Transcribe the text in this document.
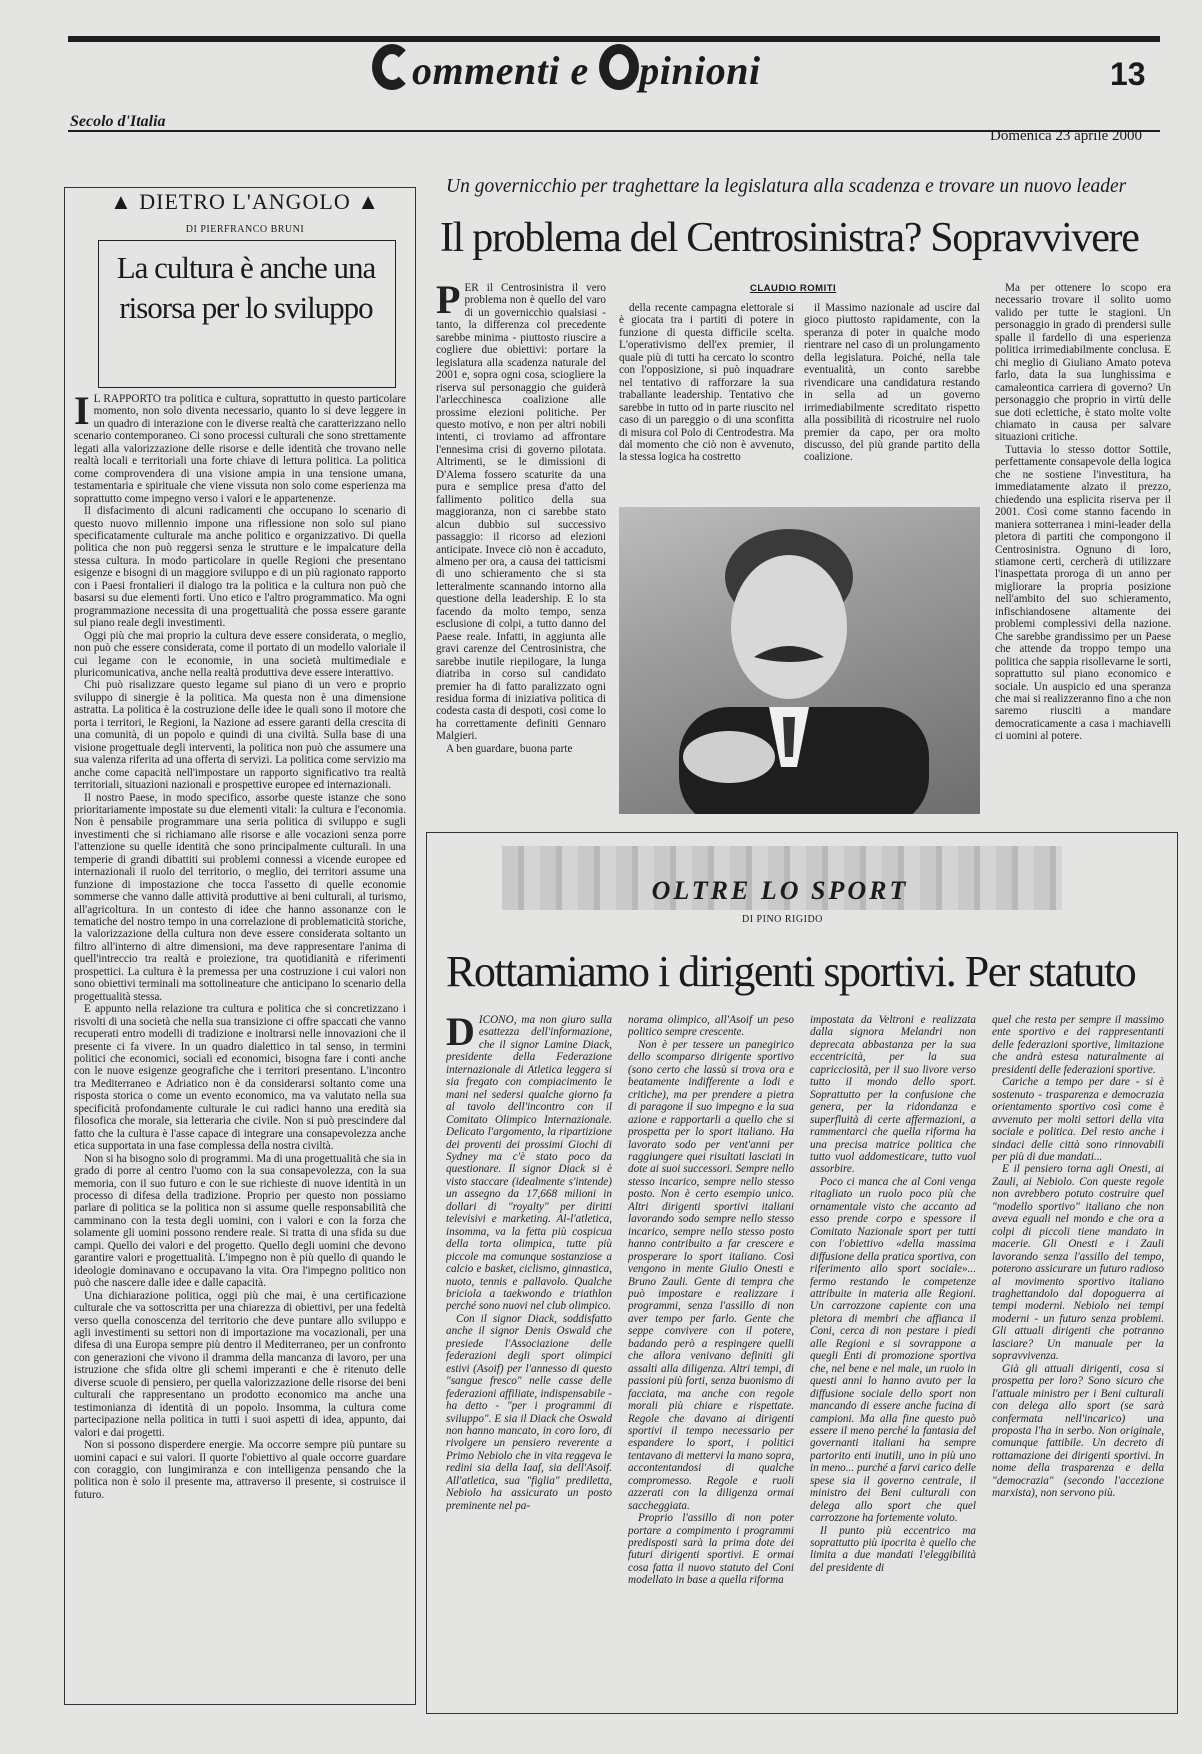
ommenti e pinioni	13
Secolo d'Italia
Domenica 23 aprile 2000
▲ DIETRO L'ANGOLO ▲
DI PIERFRANCO BRUNI
La cultura è anche una risorsa per lo sviluppo
I L RAPPORTO tra politica e cultura, soprattutto in questo particolare momento, non solo diventa necessario, quanto lo si deve leggere in un quadro di interazione con le diverse realtà che caratterizzano nello scenario contemporaneo. Ci sono processi culturali che sono strettamente legati alla valorizzazione delle risorse e delle identità che trovano nelle realtà locali e territoriali una forte chiave di lettura politica. La politica come comprovendera di una visione ampia in una tensione umana, testamentaria e spirituale che viene vissuta non solo come esperienza ma soprattutto come impegno verso i valori e le appartenenze.

Il disfacimento di alcuni radicamenti che occupano lo scenario di questo nuovo millennio impone una riflessione non solo sul piano specificatamente culturale ma anche politico e organizzativo. Di quella politica che non può reggersi senza le strutture e le impalcature della stessa cultura. In modo particolare in quelle Regioni che presentano esigenze e bisogni di un maggiore sviluppo e di un più ragionato rapporto con i Paesi frontalieri il dialogo tra la politica e la cultura non può che basarsi su due elementi forti. Uno etico e l'altro programmatico. Ma ogni programmazione necessita di una progettualità che possa essere garante sul piano reale degli investimenti.

Oggi più che mai proprio la cultura deve essere considerata, o meglio, non può che essere considerata, come il portato di un modello valoriale il cui legame con le economie, in una società multimediale e pluricomunicativa, anche nella realtà produttiva deve essere interattivo.

Chi può risalizzare questo legame sul piano di un vero e proprio sviluppo di sinergie è la politica. Ma questa non è una dimensione astratta. La politica è la costruzione delle idee le quali sono il motore che porta i territori, le Regioni, la Nazione ad essere garanti della crescita di una comunità, di un popolo e quindi di una civiltà. Sulla base di una visione progettuale degli interventi, la politica non può che assumere una sua valenza riferita ad una offerta di servizi. La politica come servizio ma anche come capacità nell'impostare un rapporto significativo tra realtà territoriali, situazioni nazionali e prospettive europee ed internazionali.

Il nostro Paese, in modo specifico, assorbe queste istanze che sono prioritariamente impostate su due elementi vitali: la cultura e l'economia. Non è pensabile programmare una seria politica di sviluppo e sugli investimenti che si richiamano alle risorse e alle vocazioni senza porre l'attenzione su quelle identità che sono principalmente culturali. In una temperie di grandi dibattiti sui problemi connessi a vicende europee ed internazionali il ruolo del territorio, o meglio, dei territori assume una funzione di impostazione che tocca l'assetto di quelle economie sommerse che vanno dalle attività produttive ai beni culturali, al turismo, all'agricoltura. In un contesto di idee che hanno assonanze con le tematiche del nostro tempo in una correlazione di problematicità storiche, la valorizzazione della cultura non deve essere considerata soltanto un filtro all'interno di altre dimensioni, ma deve rappresentare l'anima di quell'intreccio tra realtà e proiezione, tra quotidianità e riferimenti prospettici. La cultura è la premessa per una costruzione i cui valori non sono obiettivi terminali ma sottolineature che anticipano lo scenario della progettualità stessa.

E appunto nella relazione tra cultura e politica che si concretizzano i risvolti di una società che nella sua transizione ci offre spaccati che vanno recuperati entro modelli di tradizione e inoltrarsi nelle innovazioni che il presente ci fa vivere. In un quadro dialettico in tal senso, in termini politici che economici, sociali ed economici, bisogna fare i conti anche con le nuove esigenze geografiche che i territori presentano. L'incontro tra Mediterraneo e Adriatico non è da considerarsi soltanto come una risposta storica o come un evento economico, ma va valutato nella sua specificità profondamente culturale le cui radici hanno una eredità sia filosofica che morale, sia letteraria che civile. Non si può prescindere dal fatto che la cultura è l'asse capace di integrare una consapevolezza anche etica supportata in una fase complessa della nostra civiltà.

Non si ha bisogno solo di programmi. Ma di una progettualità che sia in grado di porre al centro l'uomo con la sua consapevolezza, con la sua memoria, con il suo futuro e con le sue richieste di nuove identità in un processo di difesa della tradizione. Proprio per questo non possiamo parlare di politica se la politica non si assume quelle responsabilità che camminano con la testa degli uomini, con i valori e con la forza che solamente gli uomini possono rendere reale. Si tratta di una sfida su due campi. Quello dei valori e del progetto. Quello degli uomini che devono garantire valori e progettualità. L'impegno non è più quello di quando le ideologie dominavano e occupavano la vita. Ora l'impegno politico non può che nascere dalle idee e dalle capacità.

Una dichiarazione politica, oggi più che mai, è una certificazione culturale che va sottoscritta per una chiarezza di obiettivi, per una fedeltà verso quella conoscenza del territorio che deve puntare allo sviluppo e agli investimenti su settori non di importazione ma vocazionali, per una difesa di una Europa sempre più dentro il Mediterraneo, per un confronto con generazioni che vivono il dramma della mancanza di lavoro, per una istruzione che sfida oltre gli schemi imperanti e che è ritenuto delle diverse scuole di pensiero, per quella valorizzazione delle risorse dei beni culturali che rappresentano un prodotto economico ma anche una testimonianza di identità di un popolo. Insomma, la cultura come partecipazione nella politica in tutti i suoi aspetti di idea, appunto, dai valori e dai progetti.

Non si possono disperdere energie. Ma occorre sempre più puntare su uomini capaci e sui valori. Il quorte l'obiettivo al quale occorre guardare con coraggio, con lungimiranza e con intelligenza pensando che la politica non è solo il presente ma, attraverso il presente, si costruisce il futuro.

Un governicchio per traghettare la legislatura alla scadenza e trovare un nuovo leader
Il problema del Centrosinistra? Sopravvivere
CLAUDIO ROMITI
P ER il Centrosinistra il vero problema non è quello del varo di un governicchio qualsiasi - tanto, la differenza col precedente sarebbe minima - piuttosto riuscire a cogliere due obiettivi: portare la legislatura alla scadenza naturale del 2001 e, sopra ogni cosa, sciogliere la riserva sul personaggio che guiderà l'arlecchinesca coalizione alle prossime elezioni politiche. Per questo motivo, e non per altri nobili intenti, ci troviamo ad affrontare l'ennesima crisi di governo pilotata. Altrimenti, se le dimissioni di D'Alema fossero scaturite da una pura e semplice presa d'atto del fallimento politico della sua maggioranza, non ci sarebbe stato alcun dubbio sul successivo passaggio: il ricorso ad elezioni anticipate. Invece ciò non è accaduto, almeno per ora, a causa dei tatticismi di uno schieramento che si sta letteralmente scannando intorno alla questione della leadership. E lo sta facendo da molto tempo, senza esclusione di colpi, a tutto danno del Paese reale. Infatti, in aggiunta alle gravi carenze del Centrosinistra, che sarebbe inutile riepilogare, la lunga diatriba in corso sul candidato premier ha di fatto paralizzato ogni residua forma di iniziativa politica di codesta casta di despoti, cosi come lo ha correttamente definiti Gennaro Malgieri.

A ben guardare, buona parte

della recente campagna elettorale si è giocata tra i partiti di potere in funzione di questa difficile scelta. L'operativismo dell'ex premier, il quale più di tutti ha cercato lo scontro con l'opposizione, si può inquadrare nel tentativo di rafforzare la sua traballante leadership. Tentativo che sarebbe in tutto od in parte riuscito nel caso di un pareggio o di una sconfitta di misura col Polo di Centrodestra. Ma dal momento che ciò non è avvenuto, la stessa logica ha costretto

il Massimo nazionale ad uscire dal gioco piuttosto rapidamente, con la speranza di poter in qualche modo rientrare nel caso di un prolungamento della legislatura. Poiché, nella tale eventualità, un conto sarebbe rivendicare una candidatura restando in sella ad un governo irrimediabilmente screditato rispetto alla possibilità di ricostruire nel ruolo premier da capo, per ora molto discusso, del più grande partito della coalizione.

Ma per ottenere lo scopo era necessario trovare il solito uomo valido per tutte le stagioni. Un personaggio in grado di prendersi sulle spalle il fardello di una esperienza politica irrimediabilmente conclusa. E chi meglio di Giuliano Amato poteva farlo, data la sua lunghissima e camaleontica carriera di governo? Un personaggio che proprio in virtù delle sue doti eclettiche, è stato molte volte chiamato in causa per salvare situazioni critiche.

Tuttavia lo stesso dottor Sottile, perfettamente consapevole della logica che ne sostiene l'investitura, ha immediatamente alzato il prezzo, chiedendo una esplicita riserva per il 2001. Così come stanno facendo in maniera sotterranea i mini-leader della pletora di partiti che compongono il Centrosinistra. Ognuno di loro, stiamone certi, cercherà di utilizzare l'inaspettata proroga di un anno per migliorare la propria posizione nell'ambito del suo schieramento, infischiandosene altamente dei problemi complessivi della nazione. Che sarebbe grandissimo per un Paese che attende da troppo tempo una politica che sappia risollevarne le sorti, soprattutto sul piano economico e sociale. Un auspicio ed una speranza che mai si realizzeranno fino a che non saremo riusciti a mandare democraticamente a casa i machiavelli ci uomini al potere.

OLTRE LO SPORT
DI PINO RIGIDO
Rottamiamo i dirigenti sportivi. Per statuto
D ICONO, ma non giuro sulla esattezza dell'informazione, che il signor Lamine Diack, presidente della Federazione internazionale di Atletica leggera si sia fregato con compiacimento le mani nel sedersi qualche giorno fa al tavolo dell'incontro con il Comitato Olimpico Internazionale. Delicato l'argomento, la ripartizione dei proventi dei prossimi Giochi di Sydney ma c'è stato poco da questionare. Il signor Diack si è visto staccare (idealmente s'intende) un assegno da 17,668 milioni in dollari di "royalty" per diritti televisivi e marketing. Al-l'atletica, insomma, va la fetta più cospicua della torta olimpica, tutte più piccole ma comunque sostanziose a calcio e basket, ciclismo, ginnastica, nuoto, tennis e pallavolo. Qualche briciola a taekwondo e triathlon perché sono nuovi nel club olimpico.

Con il signor Diack, soddisfatto anche il signor Denis Oswald che presiede l'Associazione delle federazioni degli sport olimpici estivi (Asoif) per l'annesso di questo "sangue fresco" nelle casse delle federazioni affiliate, indispensabile - ha detto - "per i programmi di sviluppo". E sia il Diack che Oswald non hanno mancato, in coro loro, di rivolgere un pensiero reverente a Primo Nebiolo che in vita reggeva le redini sia della Iaaf, sia dell'Asoif. All'atletica, sua "figlia" prediletta, Nebiolo ha assicurato un posto preminente nel pa-

norama olimpico, all'Asoif un peso politico sempre crescente.

Non è per tessere un panegirico dello scomparso dirigente sportivo (sono certo che lassù si trova ora e beatamente indifferente a lodi e critiche), ma per prendere a pietra di paragone il suo impegno e la sua azione e rapportarli a quello che si prospetta per lo sport italiano. Ha lavorato sodo per vent'anni per raggiungere quei risultati lasciati in dote ai suoi successori. Sempre nello stesso incarico, sempre nello stesso posto. Non è certo esempio unico. Altri dirigenti sportivi italiani lavorando sodo sempre nello stesso incarico, sempre nello stesso posto hanno contribuito a far crescere e prosperare lo sport italiano. Così vengono in mente Giulio Onesti e Bruno Zauli. Gente di tempra che può impostare e realizzare i programmi, senza l'assillo di non aver tempo per farlo. Gente che seppe convivere con il potere, badando però a respingere quelli che allora venivano definiti gli assalti alla diligenza. Altri tempi, di passioni più forti, senza buonismo di facciata, ma anche con regole morali più chiare e rispettate. Regole che davano ai dirigenti sportivi il tempo necessario per espandere lo sport, i politici tentavano di mettervi la mano sopra, accontentandosi di qualche compromesso. Regole e ruoli azzerati con la diligenza ormai saccheggiata.

Proprio l'assillo di non poter portare a compimento i programmi predisposti sarà la prima dote dei futuri dirigenti sportivi. E ormai cosa fatta il nuovo statuto del Coni modellato in base a quella riforma

impostata da Veltroni e realizzata dalla signora Melandri non deprecata abbastanza per la sua eccentricità, per la sua capricciosità, per il suo livore verso tutto il mondo dello sport. Soprattutto per la confusione che genera, per la ridondanza e superfluità di certe affermazioni, a rammentarci che quella riforma ha una precisa matrice politica che tutto vuol addomesticare, tutto vuol assorbire.

Poco ci manca che al Coni venga ritagliato un ruolo poco più che ornamentale visto che accanto ad esso prende corpo e spessore il Comitato Nazionale sport per tutti con l'obiettivo «della massima diffusione della pratica sportiva, con riferimento allo sport sociale»... fermo restando le competenze attribuite in materia alle Regioni. Un carrozzone capiente con una pletora di membri che affianca il Coni, cerca di non pestare i piedi alle Regioni e si sovrappone a quegli Enti di promozione sportiva che, nel bene e nel male, un ruolo in questi anni lo hanno avuto per la diffusione sociale dello sport non mancando di essere anche fucina di campioni. Ma alla fine questo può essere il meno perché la fantasia del governanti italiani ha sempre partorito enti inutili, uno in più uno in meno... purché a farvi carico delle spese sia il governo centrale, il ministro dei Beni culturali con delega allo sport che quel carrozzone ha fortemente voluto.

Il punto più eccentrico ma soprattutto più ipocrita è quello che limita a due mandati l'eleggibilità del presidente di

quel che resta per sempre il massimo ente sportivo e dei rappresentanti delle federazioni sportive, limitazione che andrà estesa naturalmente ai presidenti delle federazioni sportive.

Cariche a tempo per dare - si è sostenuto - trasparenza e democrazia orientamento sportivo così come è avvenuto per molti settori della vita sociale e politica. Del resto anche i sindaci delle città sono rinnovabili per più di due mandati...

E il pensiero torna agli Onesti, ai Zauli, ai Nebiolo. Con queste regole non avrebbero potuto costruire quel "modello sportivo" italiano che non aveva eguali nel mondo e che ora a colpi di piccoli tiene mandato in macerie. Gli Onesti e i Zauli lavorando senza l'assillo del tempo, poterono assicurare un futuro radioso al movimento sportivo italiano traghettandolo dal dopoguerra ai tempi moderni. Nebiolo nei tempi moderni - un futuro senza problemi. Gli attuali dirigenti che potranno lasciare? Un manuale per la sopravvivenza.

Già gli attuali dirigenti, cosa si prospetta per loro? Sono sicuro che l'attuale ministro per i Beni culturali con delega allo sport (se sarà confermata nell'incarico) una proposta l'ha in serbo. Non originale, comunque fattibile. Un decreto di rottamazione dei dirigenti sportivi. In nome della trasparenza e della "democrazia" (secondo l'accezione marxista), non servono più.
